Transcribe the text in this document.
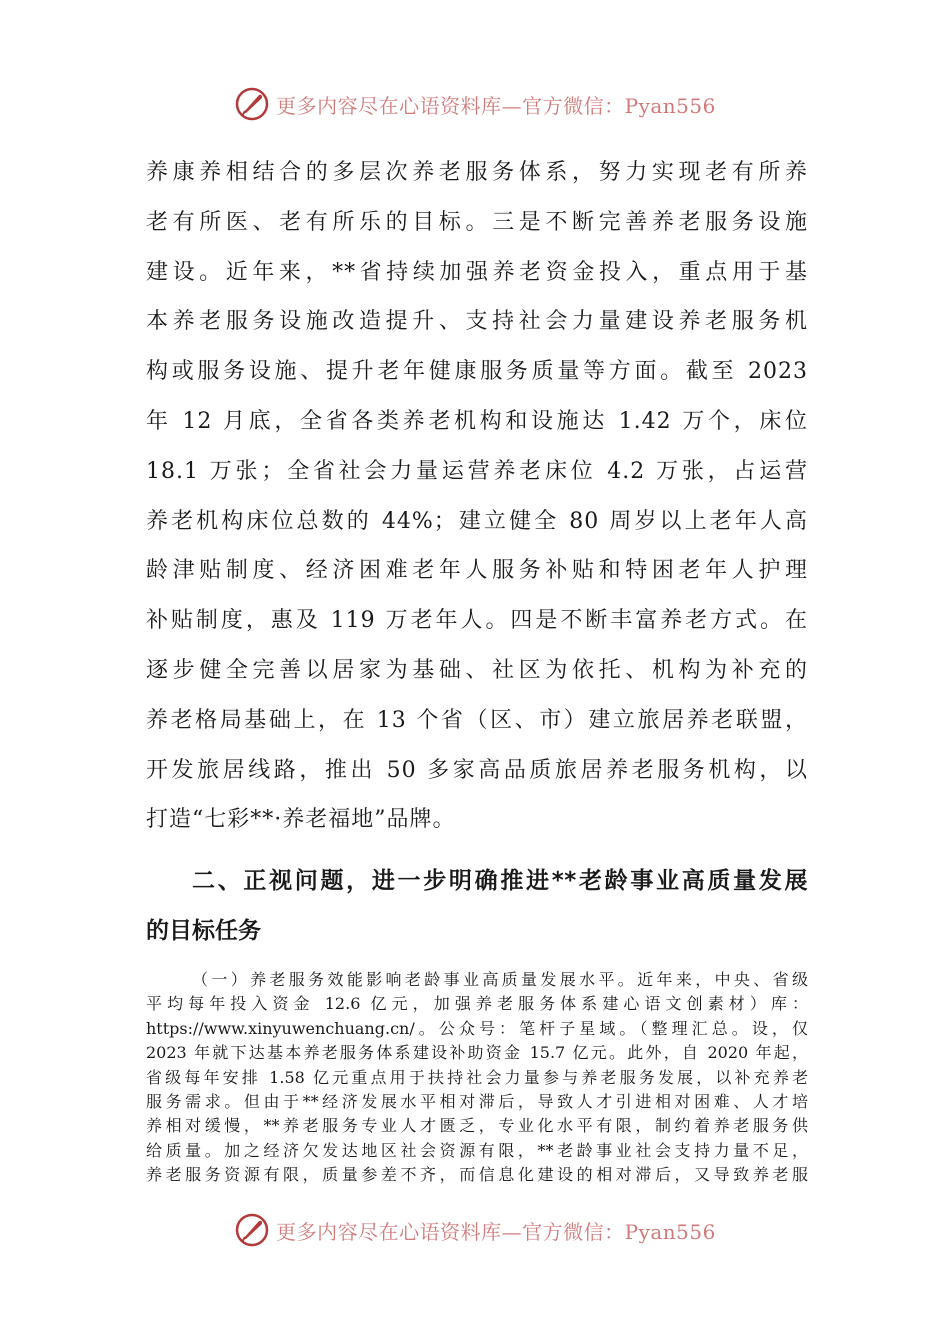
更多内容尽在心语资料库—官方微信：Pyan556
养康养相结合的多层次养老服务体系，努力实现老有所养
老有所医、老有所乐的目标。三是不断完善养老服务设施
建设。近年来，**省持续加强养老资金投入，重点用于基
本养老服务设施改造提升、支持社会力量建设养老服务机
构或服务设施、提升老年健康服务质量等方面。截至 2023
年 12 月底，全省各类养老机构和设施达 1.42 万个，床位
18.1 万张；全省社会力量运营养老床位 4.2 万张，占运营
养老机构床位总数的 44%；建立健全 80 周岁以上老年人高
龄津贴制度、经济困难老年人服务补贴和特困老年人护理
补贴制度，惠及 119 万老年人。四是不断丰富养老方式。在
逐步健全完善以居家为基础、社区为依托、机构为补充的
养老格局基础上，在 13 个省（区、市）建立旅居养老联盟，
开发旅居线路，推出 50 多家高品质旅居养老服务机构，以
打造“七彩**·养老福地”品牌。
二、正视问题，进一步明确推进**老龄事业高质量发展
的目标任务
（一）养老服务效能影响老龄事业高质量发展水平。近年来，中央、省级
平均每年投入资金 12.6 亿元，加强养老服务体系建心语文创素材）库：
https://www.xinyuwenchuang.cn/。公众号：笔杆子星域。（整理汇总。设，仅
2023 年就下达基本养老服务体系建设补助资金 15.7 亿元。此外，自 2020 年起，
省级每年安排 1.58 亿元重点用于扶持社会力量参与养老服务发展，以补充养老
服务需求。但由于**经济发展水平相对滞后，导致人才引进相对困难、人才培
养相对缓慢，**养老服务专业人才匮乏，专业化水平有限，制约着养老服务供
给质量。加之经济欠发达地区社会资源有限，**老龄事业社会支持力量不足，
养老服务资源有限，质量参差不齐，而信息化建设的相对滞后，又导致养老服
更多内容尽在心语资料库—官方微信：Pyan556
